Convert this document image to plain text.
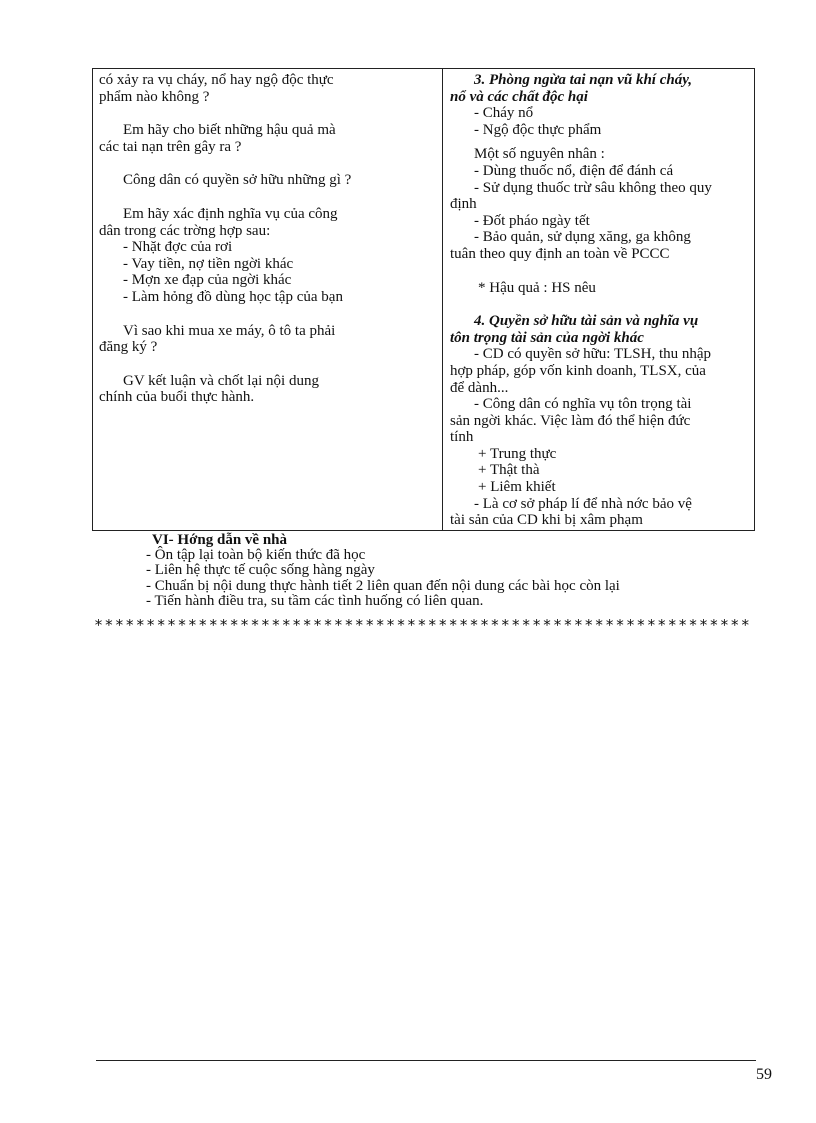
có xảy ra vụ cháy, nổ hay ngộ độc thực

phẩm nào không ?

Em hãy cho biết những hậu quả mà

các tai nạn trên gây ra ?

Công dân có quyền sở hữu những gì ?

Em hãy xác định nghĩa vụ của công

dân trong các trờng hợp sau:

- Nhặt đợc của rơi

- Vay tiền, nợ tiền ngời khác

- Mợn xe đạp của ngời khác

- Làm hỏng đồ dùng học tập của bạn

Vì sao khi mua xe máy, ô tô ta phải

đăng ký ?

GV kết luận và chốt lại nội dung

chính của buổi thực hành.

3. Phòng ngừa tai nạn vũ khí cháy,

nổ và các chất độc hại

- Cháy nổ

- Ngộ độc thực phẩm

Một số nguyên nhân :

- Dùng thuốc nổ, điện để đánh cá

- Sử dụng thuốc trừ sâu không theo quy

định

- Đốt pháo ngày tết

- Bảo quản, sử dụng xăng, ga không

tuân theo quy định an toàn về PCCC

* Hậu quả : HS nêu

4. Quyền sở hữu tài sản và nghĩa vụ

tôn trọng tài sản của ngời khác

- CD có quyền sở hữu: TLSH, thu nhập

hợp pháp, góp vốn kinh doanh, TLSX, của

để dành...

- Công dân có nghĩa vụ tôn trọng tài

sản ngời khác. Việc làm đó thể hiện đức

tính

+ Trung thực

+ Thật thà

+ Liêm khiết

- Là cơ sở pháp lí để nhà nớc bảo vệ

tài sản của CD khi bị xâm phạm

VI- Hớng dẫn về nhà
- Ôn tập lại toàn bộ kiến thức đã học
- Liên hệ thực tế cuộc sống hàng ngày
- Chuẩn bị nội dung thực hành tiết 2 liên quan đến nội dung các bài học còn lại
- Tiến hành điều tra, su tầm các tình huống có liên quan.
***************************************************************
59
